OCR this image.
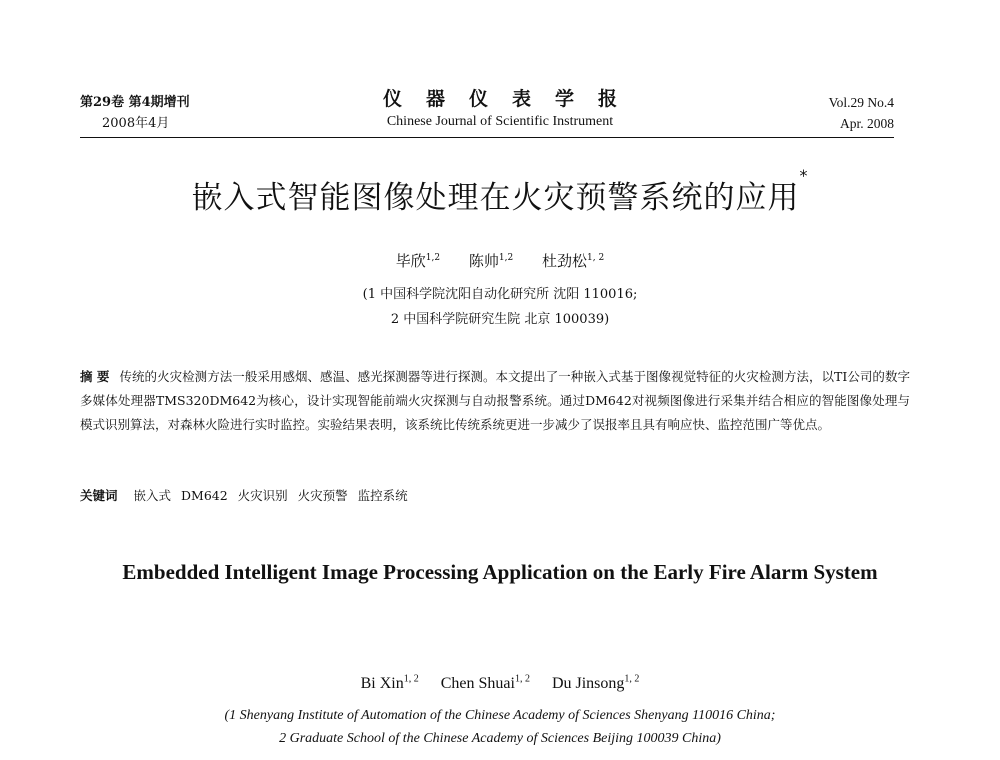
第29卷 第4期增刊
2008年4月
仪器仪表学报
Chinese Journal of Scientific Instrument
Vol.29 No.4
Apr. 2008
嵌入式智能图像处理在火灾预警系统的应用*
毕欣$^{1,2}$ 陈帅$^{1,2}$ 杜劲松$^{1, 2}$
(1 中国科学院沈阳自动化研究所 沈阳 110016;
2 中国科学院研究生院 北京 100039)
摘 要 传统的火灾检测方法一般采用感烟、感温、感光探测器等进行探测。本文提出了一种嵌入式基于图像视觉特征的火灾检测方法，以TI公司的数字多媒体处理器TMS320DM642为核心，设计实现智能前端火灾探测与自动报警系统。通过DM642对视频图像进行采集并结合相应的智能图像处理与模式识别算法，对森林火险进行实时监控。实验结果表明，该系统比传统系统更进一步减少了误报率且具有响应快、监控范围广等优点。
关键词 嵌入式 DM642 火灾识别 火灾预警 监控系统
Embedded Intelligent Image Processing Application on the Early Fire Alarm System
Bi Xin$^{1, 2}$ Chen Shuai$^{1, 2}$ Du Jinsong$^{1, 2}$
(1 Shenyang Institute of Automation of the Chinese Academy of Sciences Shenyang 110016 China;
2 Graduate School of the Chinese Academy of Sciences Beijing 100039 China)
